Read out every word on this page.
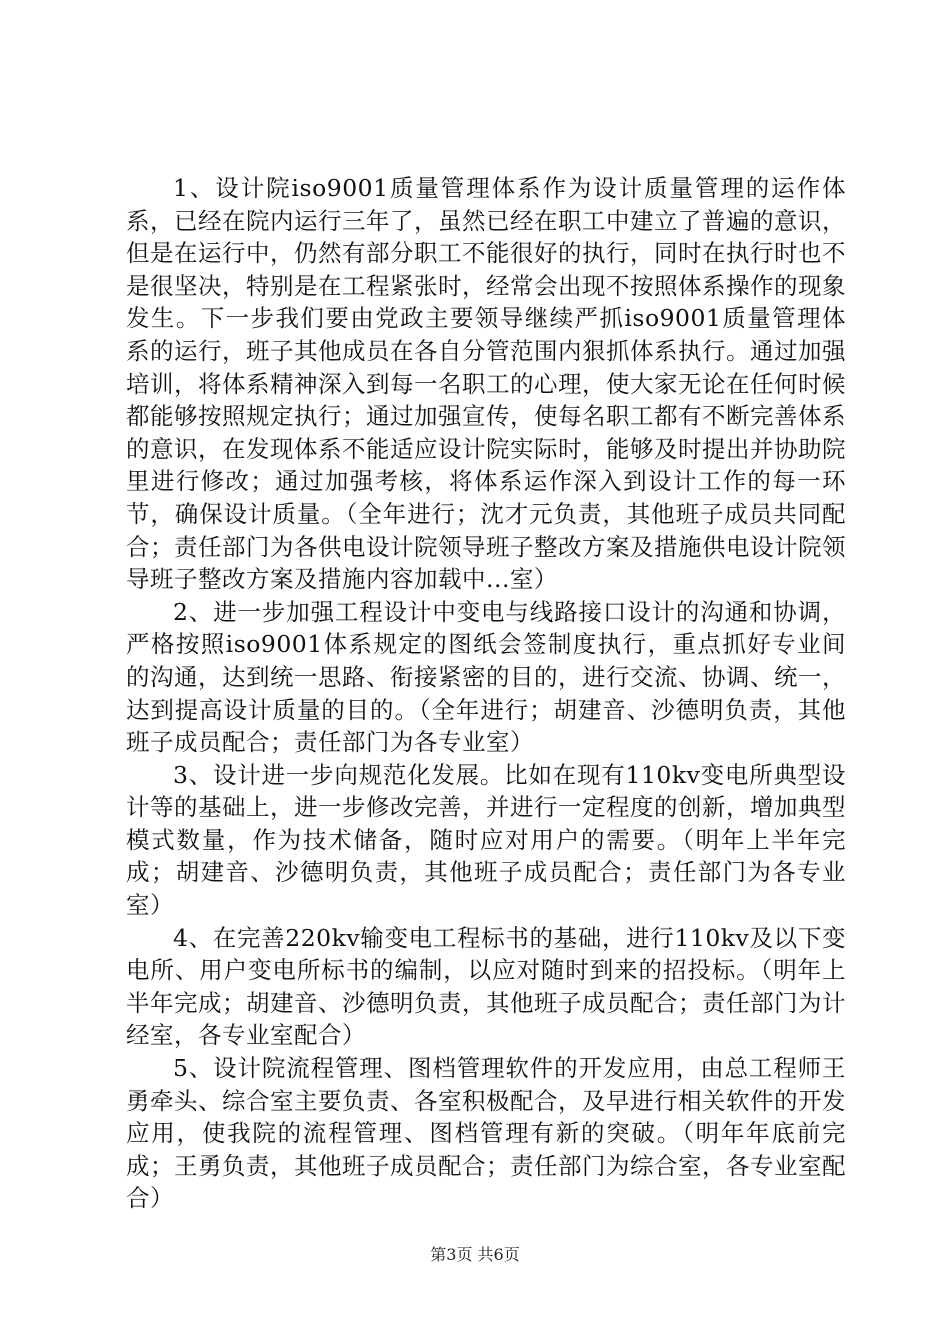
1、设计院iso9001质量管理体系作为设计质量管理的运作体系，已经在院内运行三年了，虽然已经在职工中建立了普遍的意识，但是在运行中，仍然有部分职工不能很好的执行，同时在执行时也不是很坚决，特别是在工程紧张时，经常会出现不按照体系操作的现象发生。下一步我们要由党政主要领导继续严抓iso9001质量管理体系的运行，班子其他成员在各自分管范围内狠抓体系执行。通过加强培训，将体系精神深入到每一名职工的心理，使大家无论在任何时候都能够按照规定执行；通过加强宣传，使每名职工都有不断完善体系的意识，在发现体系不能适应设计院实际时，能够及时提出并协助院里进行修改；通过加强考核，将体系运作深入到设计工作的每一环节，确保设计质量。（全年进行；沈才元负责，其他班子成员共同配合；责任部门为各供电设计院领导班子整改方案及措施供电设计院领导班子整改方案及措施内容加载中...室）

2、进一步加强工程设计中变电与线路接口设计的沟通和协调，严格按照iso9001体系规定的图纸会签制度执行，重点抓好专业间的沟通，达到统一思路、衔接紧密的目的，进行交流、协调、统一，达到提高设计质量的目的。（全年进行；胡建音、沙德明负责，其他班子成员配合；责任部门为各专业室）

3、设计进一步向规范化发展。比如在现有110kv变电所典型设计等的基础上，进一步修改完善，并进行一定程度的创新，增加典型模式数量，作为技术储备，随时应对用户的需要。（明年上半年完成；胡建音、沙德明负责，其他班子成员配合；责任部门为各专业室）

4、在完善220kv输变电工程标书的基础，进行110kv及以下变电所、用户变电所标书的编制，以应对随时到来的招投标。（明年上半年完成；胡建音、沙德明负责，其他班子成员配合；责任部门为计经室，各专业室配合）

5、设计院流程管理、图档管理软件的开发应用，由总工程师王勇牵头、综合室主要负责、各室积极配合，及早进行相关软件的开发应用，使我院的流程管理、图档管理有新的突破。（明年年底前完成；王勇负责，其他班子成员配合；责任部门为综合室，各专业室配合）

第3页 共6页
